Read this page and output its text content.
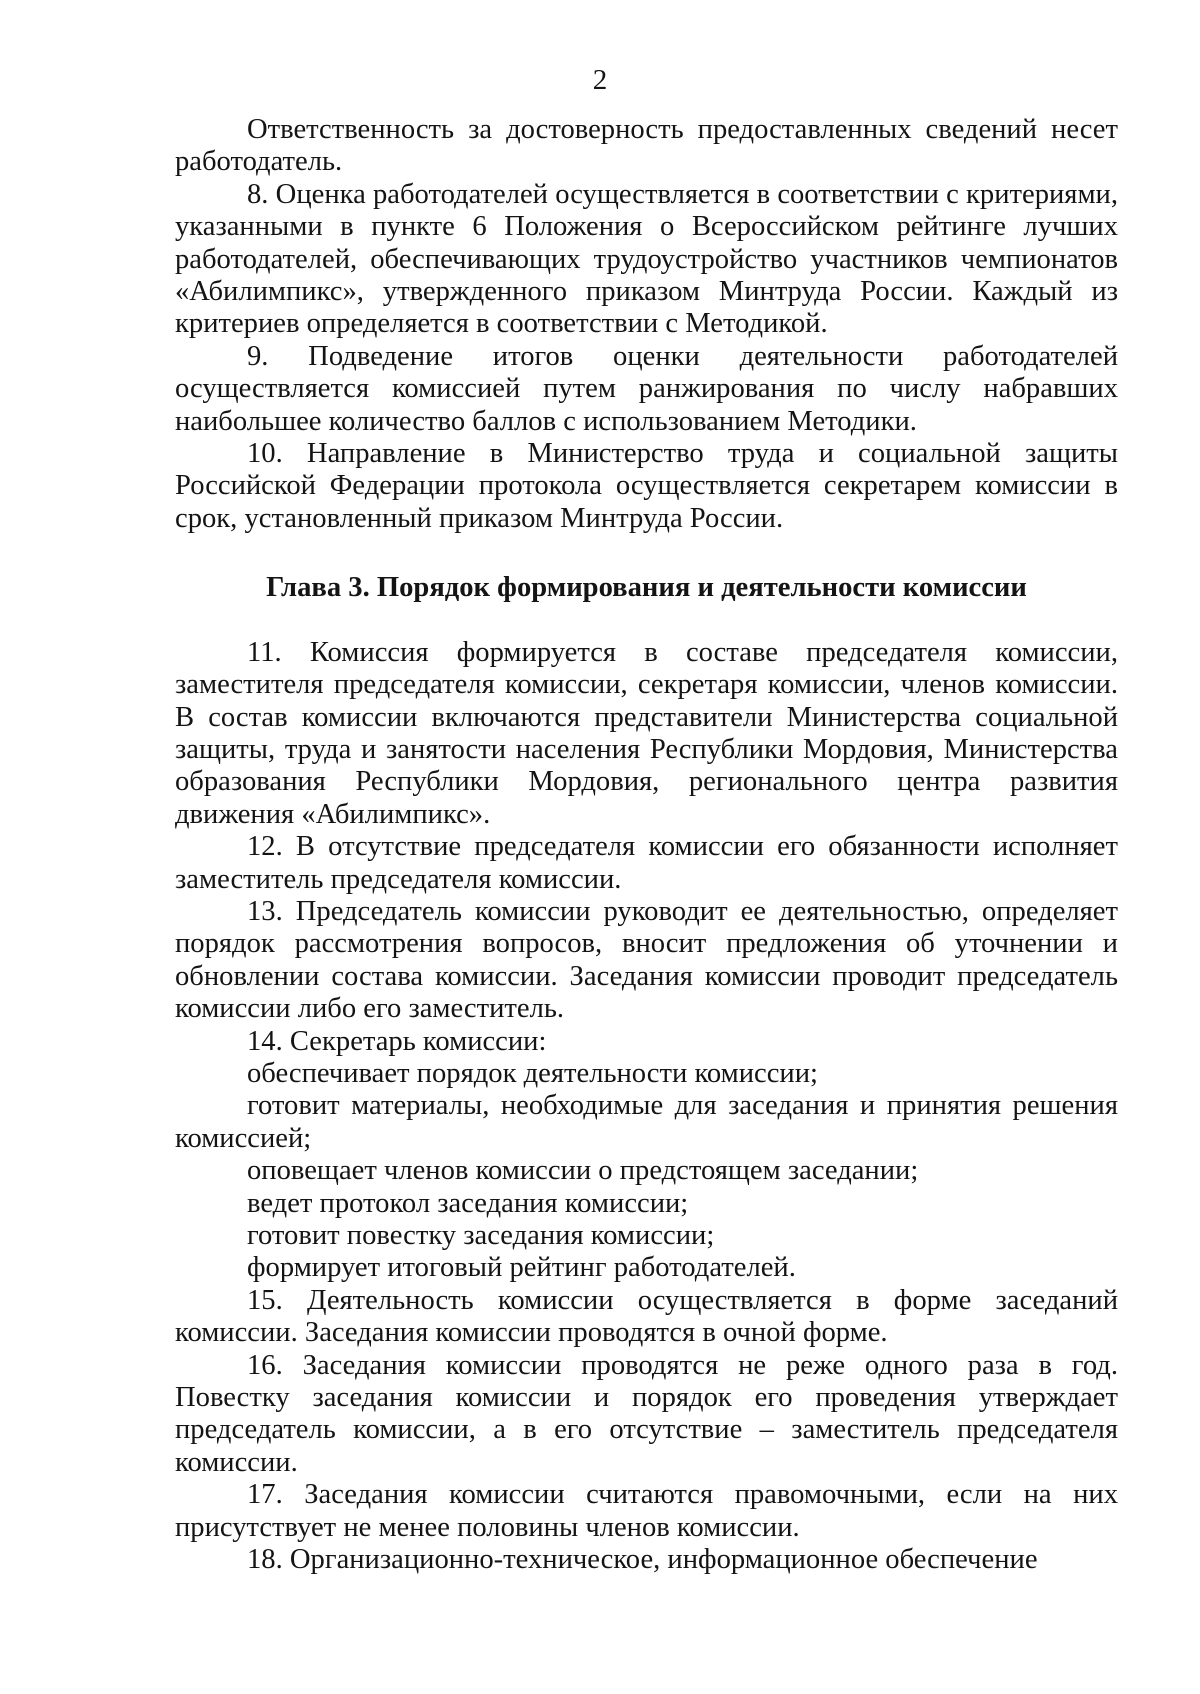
2

Ответственность за достоверность предоставленных сведений несет работодатель.

8. Оценка работодателей осуществляется в соответствии с критериями, указанными в пункте 6 Положения о Всероссийском рейтинге лучших работодателей, обеспечивающих трудоустройство участников чемпионатов «Абилимпикс», утвержденного приказом Минтруда России. Каждый из критериев определяется в соответствии с Методикой.

9. Подведение итогов оценки деятельности работодателей осуществляется комиссией путем ранжирования по числу набравших наибольшее количество баллов с использованием Методики.

10. Направление в Министерство труда и социальной защиты Российской Федерации протокола осуществляется секретарем комиссии в срок, установленный приказом Минтруда России.

Глава 3. Порядок формирования и деятельности комиссии

11. Комиссия формируется в составе председателя комиссии, заместителя председателя комиссии, секретаря комиссии, членов комиссии. В состав комиссии включаются представители Министерства социальной защиты, труда и занятости населения Республики Мордовия, Министерства образования Республики Мордовия, регионального центра развития движения «Абилимпикс».

12. В отсутствие председателя комиссии его обязанности исполняет заместитель председателя комиссии.

13. Председатель комиссии руководит ее деятельностью, определяет порядок рассмотрения вопросов, вносит предложения об уточнении и обновлении состава комиссии. Заседания комиссии проводит председатель комиссии либо его заместитель.

14. Секретарь комиссии:

обеспечивает порядок деятельности комиссии;

готовит материалы, необходимые для заседания и принятия решения комиссией;

оповещает членов комиссии о предстоящем заседании;

ведет протокол заседания комиссии;

готовит повестку заседания комиссии;

формирует итоговый рейтинг работодателей.

15. Деятельность комиссии осуществляется в форме заседаний комиссии. Заседания комиссии проводятся в очной форме.

16. Заседания комиссии проводятся не реже одного раза в год. Повестку заседания комиссии и порядок его проведения утверждает председатель комиссии, а в его отсутствие – заместитель председателя комиссии.

17. Заседания комиссии считаются правомочными, если на них присутствует не менее половины членов комиссии.

18. Организационно-техническое, информационное обеспечение
